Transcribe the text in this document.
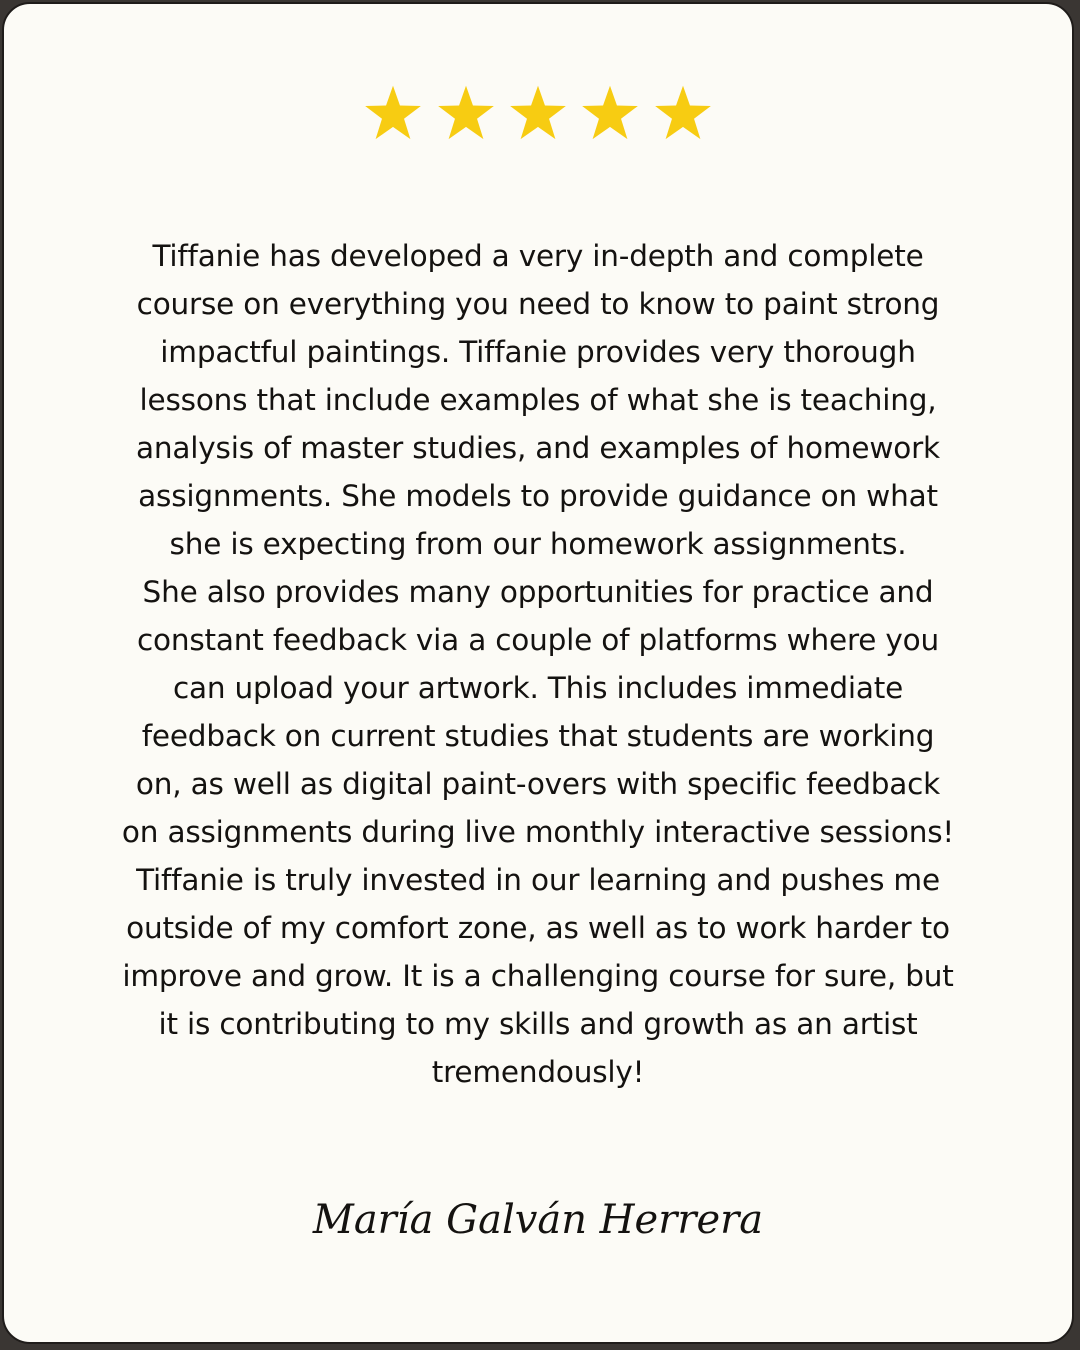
Tiffanie has developed a very in-depth and complete
course on everything you need to know to paint strong
impactful paintings. Tiffanie provides very thorough
lessons that include examples of what she is teaching,
analysis of master studies, and examples of homework
assignments. She models to provide guidance on what
she is expecting from our homework assignments.
She also provides many opportunities for practice and
constant feedback via a couple of platforms where you
can upload your artwork. This includes immediate
feedback on current studies that students are working
on, as well as digital paint-overs with specific feedback
on assignments during live monthly interactive sessions!
Tiffanie is truly invested in our learning and pushes me
outside of my comfort zone, as well as to work harder to
improve and grow. It is a challenging course for sure, but
it is contributing to my skills and growth as an artist
tremendously!

María Galván Herrera
